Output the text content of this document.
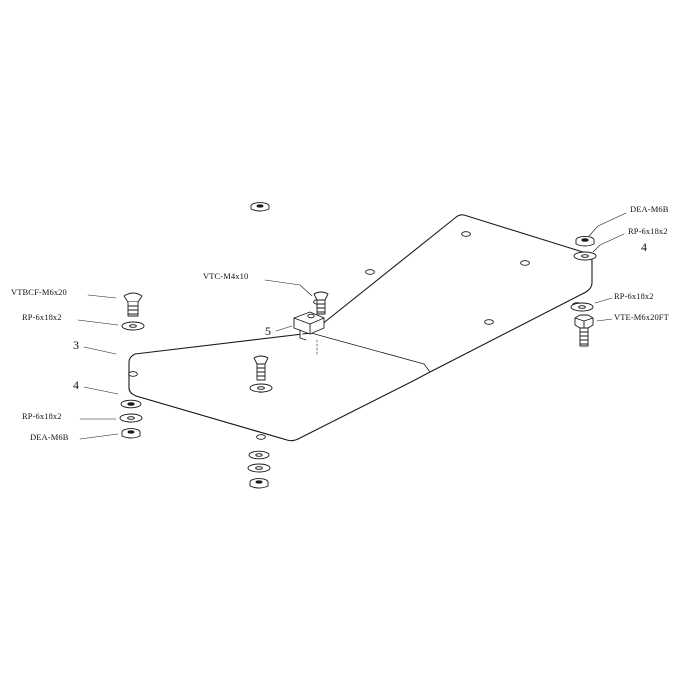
DEA-M6B
RP-6x18x2
RP-6x18x2
VTE-M6x20FT
VTC-M4x10
VTBCF-M6x20
RP-6x18x2
RP-6x18x2
DEA-M6B
4
3
5
4
